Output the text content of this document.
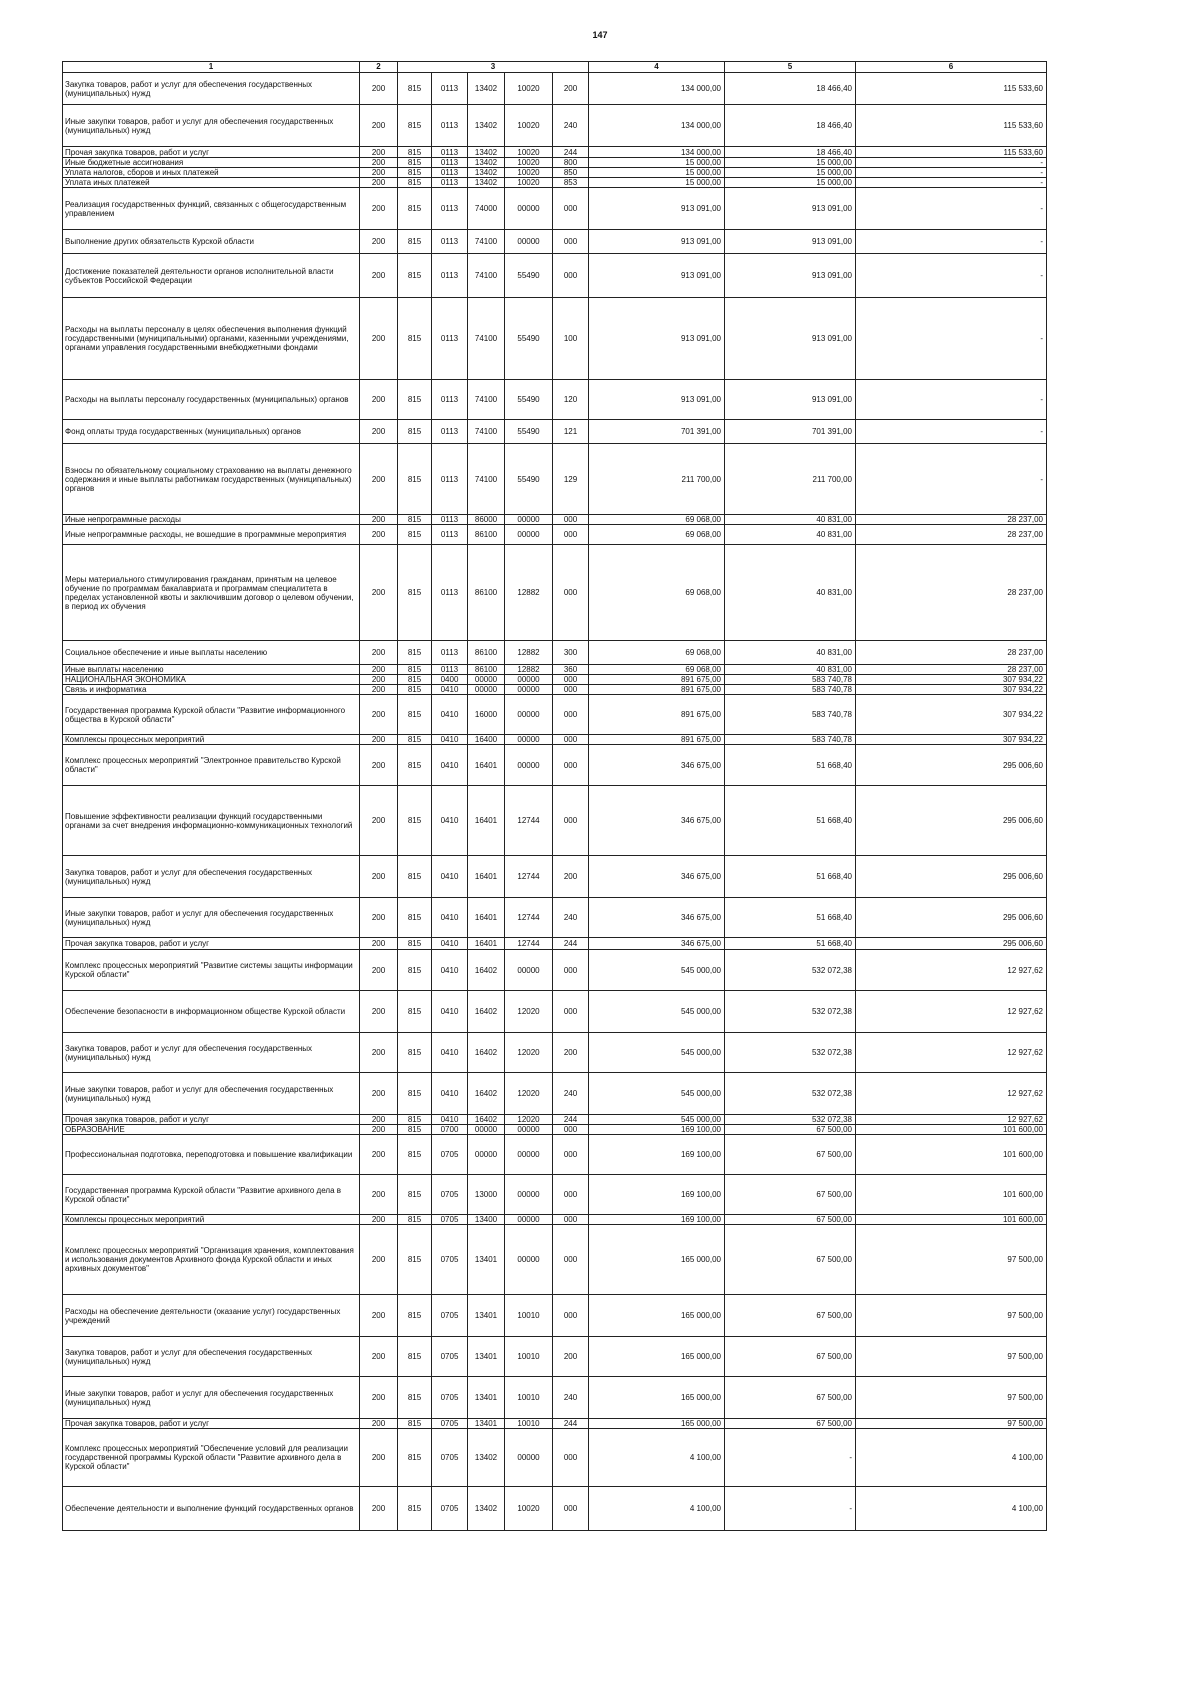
147
1	2	3					4	5	6
Закупка товаров, работ и услуг для обеспечения государственных (муниципальных) нужд	200	815	0113	13402	10020	200	134 000,00	18 466,40	115 533,60
Иные закупки товаров, работ и услуг для обеспечения государственных (муниципальных) нужд	200	815	0113	13402	10020	240	134 000,00	18 466,40	115 533,60
Прочая закупка товаров, работ и услуг	200	815	0113	13402	10020	244	134 000,00	18 466,40	115 533,60
Иные бюджетные ассигнования	200	815	0113	13402	10020	800	15 000,00	15 000,00	-
Уплата налогов, сборов и иных платежей	200	815	0113	13402	10020	850	15 000,00	15 000,00	-
Уплата иных платежей	200	815	0113	13402	10020	853	15 000,00	15 000,00	-
Реализация государственных функций, связанных с общегосударственным управлением	200	815	0113	74000	00000	000	913 091,00	913 091,00	-
Выполнение других обязательств Курской области	200	815	0113	74100	00000	000	913 091,00	913 091,00	-
Достижение показателей деятельности органов исполнительной власти субъектов Российской Федерации	200	815	0113	74100	55490	000	913 091,00	913 091,00	-
Расходы на выплаты персоналу в целях обеспечения выполнения функций государственными (муниципальными) органами, казенными учреждениями, органами управления государственными внебюджетными фондами	200	815	0113	74100	55490	100	913 091,00	913 091,00	-
Расходы на выплаты персоналу государственных (муниципальных) органов	200	815	0113	74100	55490	120	913 091,00	913 091,00	-
Фонд оплаты труда государственных (муниципальных) органов	200	815	0113	74100	55490	121	701 391,00	701 391,00	-
Взносы по обязательному социальному страхованию на выплаты денежного содержания и иные выплаты работникам государственных (муниципальных) органов	200	815	0113	74100	55490	129	211 700,00	211 700,00	-
Иные непрограммные расходы	200	815	0113	86000	00000	000	69 068,00	40 831,00	28 237,00
Иные непрограммные расходы, не вошедшие в программные мероприятия	200	815	0113	86100	00000	000	69 068,00	40 831,00	28 237,00
Меры материального стимулирования гражданам, принятым на целевое обучение по программам бакалавриата и программам специалитета в пределах установленной квоты и заключившим договор о целевом обучении, в период их обучения	200	815	0113	86100	12882	000	69 068,00	40 831,00	28 237,00
Социальное обеспечение и иные выплаты населению	200	815	0113	86100	12882	300	69 068,00	40 831,00	28 237,00
Иные выплаты населению	200	815	0113	86100	12882	360	69 068,00	40 831,00	28 237,00
НАЦИОНАЛЬНАЯ ЭКОНОМИКА	200	815	0400	00000	00000	000	891 675,00	583 740,78	307 934,22
Связь и информатика	200	815	0410	00000	00000	000	891 675,00	583 740,78	307 934,22
Государственная программа Курской области "Развитие информационного общества в Курской области"	200	815	0410	16000	00000	000	891 675,00	583 740,78	307 934,22
Комплексы процессных мероприятий	200	815	0410	16400	00000	000	891 675,00	583 740,78	307 934,22
Комплекс процессных мероприятий "Электронное правительство Курской области"	200	815	0410	16401	00000	000	346 675,00	51 668,40	295 006,60
Повышение эффективности реализации функций государственными органами за счет внедрения информационно-коммуникационных технологий	200	815	0410	16401	12744	000	346 675,00	51 668,40	295 006,60
Закупка товаров, работ и услуг для обеспечения государственных (муниципальных) нужд	200	815	0410	16401	12744	200	346 675,00	51 668,40	295 006,60
Иные закупки товаров, работ и услуг для обеспечения государственных (муниципальных) нужд	200	815	0410	16401	12744	240	346 675,00	51 668,40	295 006,60
Прочая закупка товаров, работ и услуг	200	815	0410	16401	12744	244	346 675,00	51 668,40	295 006,60
Комплекс процессных мероприятий "Развитие системы защиты информации Курской области"	200	815	0410	16402	00000	000	545 000,00	532 072,38	12 927,62
Обеспечение безопасности в информационном обществе Курской области	200	815	0410	16402	12020	000	545 000,00	532 072,38	12 927,62
Закупка товаров, работ и услуг для обеспечения государственных (муниципальных) нужд	200	815	0410	16402	12020	200	545 000,00	532 072,38	12 927,62
Иные закупки товаров, работ и услуг для обеспечения государственных (муниципальных) нужд	200	815	0410	16402	12020	240	545 000,00	532 072,38	12 927,62
Прочая закупка товаров, работ и услуг	200	815	0410	16402	12020	244	545 000,00	532 072,38	12 927,62
ОБРАЗОВАНИЕ	200	815	0700	00000	00000	000	169 100,00	67 500,00	101 600,00
Профессиональная подготовка, переподготовка и повышение квалификации	200	815	0705	00000	00000	000	169 100,00	67 500,00	101 600,00
Государственная программа Курской области "Развитие архивного дела в Курской области"	200	815	0705	13000	00000	000	169 100,00	67 500,00	101 600,00
Комплексы процессных мероприятий	200	815	0705	13400	00000	000	169 100,00	67 500,00	101 600,00
Комплекс процессных мероприятий "Организация хранения, комплектования и использования документов Архивного фонда Курской области и иных архивных документов"	200	815	0705	13401	00000	000	165 000,00	67 500,00	97 500,00
Расходы на обеспечение деятельности (оказание услуг) государственных учреждений	200	815	0705	13401	10010	000	165 000,00	67 500,00	97 500,00
Закупка товаров, работ и услуг для обеспечения государственных (муниципальных) нужд	200	815	0705	13401	10010	200	165 000,00	67 500,00	97 500,00
Иные закупки товаров, работ и услуг для обеспечения государственных (муниципальных) нужд	200	815	0705	13401	10010	240	165 000,00	67 500,00	97 500,00
Прочая закупка товаров, работ и услуг	200	815	0705	13401	10010	244	165 000,00	67 500,00	97 500,00
Комплекс процессных мероприятий "Обеспечение условий для реализации государственной программы Курской области "Развитие архивного дела в Курской области"	200	815	0705	13402	00000	000	4 100,00	-	4 100,00
Обеспечение деятельности и выполнение функций государственных органов	200	815	0705	13402	10020	000	4 100,00	-	4 100,00
